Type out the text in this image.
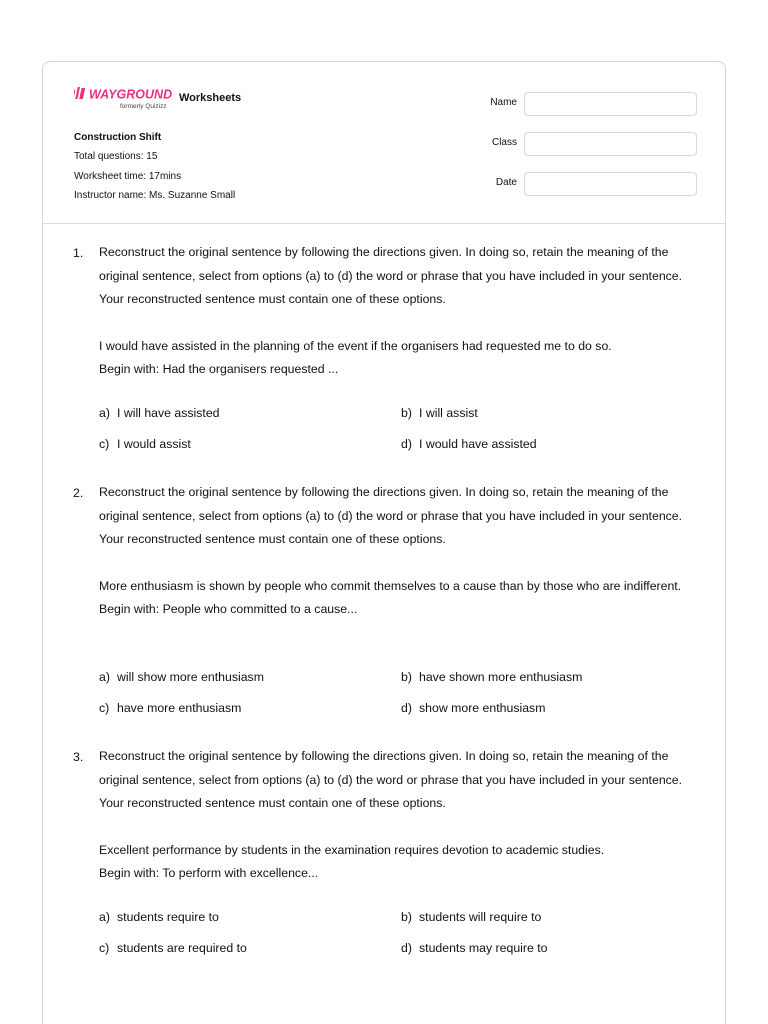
WAYGROUND
formerly Quizizz
Worksheets
Construction Shift
Total questions: 15
Worksheet time: 17mins
Instructor name: Ms. Suzanne Small
Name
Class
Date
1. Reconstruct the original sentence by following the directions given. In doing so, retain the meaning of the original sentence, select from options (a) to (d) the word or phrase that you have included in your sentence. Your reconstructed sentence must contain one of these options.

I would have assisted in the planning of the event if the organisers had requested me to do so.
Begin with: Had the organisers requested ...

a) I will have assisted	b) I will assist
c) I would assist	d) I would have assisted
2. Reconstruct the original sentence by following the directions given. In doing so, retain the meaning of the original sentence, select from options (a) to (d) the word or phrase that you have included in your sentence. Your reconstructed sentence must contain one of these options.

More enthusiasm is shown by people who commit themselves to a cause than by those who are indifferent.
Begin with: People who committed to a cause...

a) will show more enthusiasm	b) have shown more enthusiasm
c) have more enthusiasm	d) show more enthusiasm
3. Reconstruct the original sentence by following the directions given. In doing so, retain the meaning of the original sentence, select from options (a) to (d) the word or phrase that you have included in your sentence. Your reconstructed sentence must contain one of these options.

Excellent performance by students in the examination requires devotion to academic studies.
Begin with: To perform with excellence...

a) students require to	b) students will require to
c) students are required to	d) students may require to
